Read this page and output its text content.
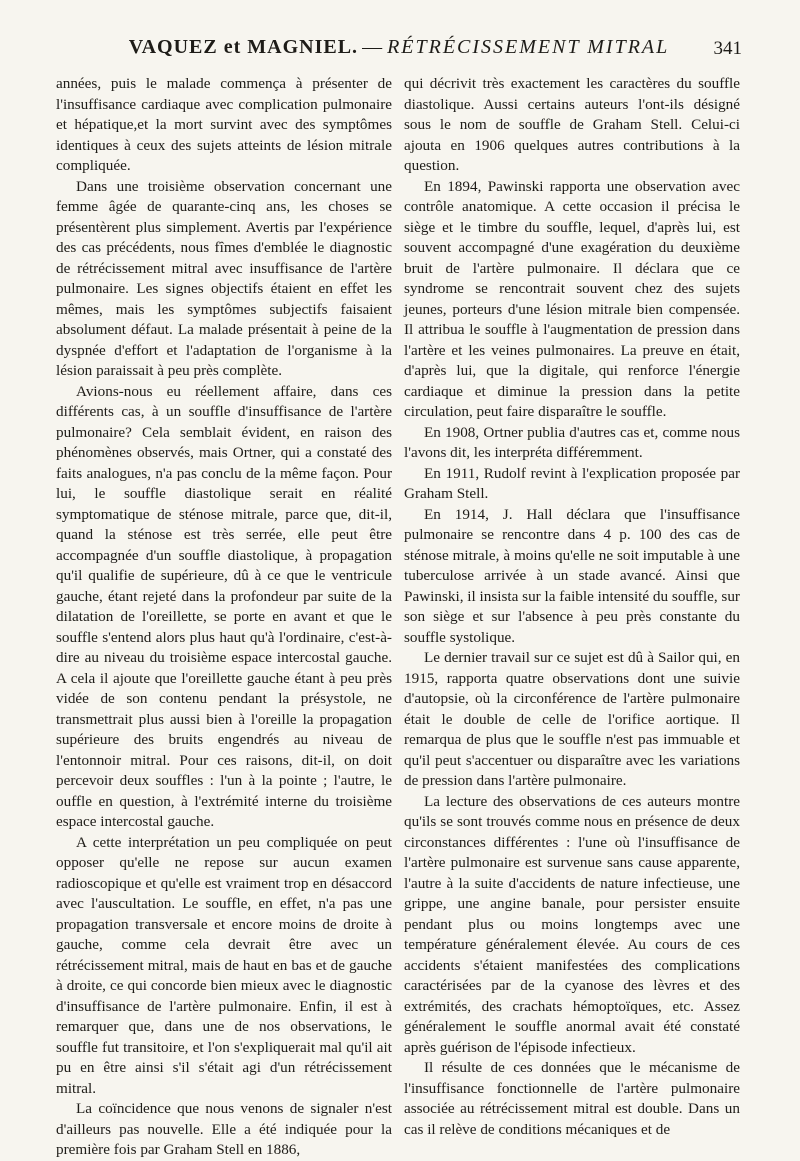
VAQUEZ et MAGNIEL. — RÉTRÉCISSEMENT MITRAL	341

années, puis le malade commença à présenter de l'insuffisance cardiaque avec complication pulmonaire et hépatique,et la mort survint avec des symptômes identiques à ceux des sujets atteints de lésion mitrale compliquée.

Dans une troisième observation concernant une femme âgée de quarante-cinq ans, les choses se présentèrent plus simplement. Avertis par l'expérience des cas précédents, nous fîmes d'emblée le diagnostic de rétrécissement mitral avec insuffisance de l'artère pulmonaire. Les signes objectifs étaient en effet les mêmes, mais les symptômes subjectifs faisaient absolument défaut. La malade présentait à peine de la dyspnée d'effort et l'adaptation de l'organisme à la lésion paraissait à peu près complète.

Avions-nous eu réellement affaire, dans ces différents cas, à un souffle d'insuffisance de l'artère pulmonaire? Cela semblait évident, en raison des phénomènes observés, mais Ortner, qui a constaté des faits analogues, n'a pas conclu de la même façon. Pour lui, le souffle diastolique serait en réalité symptomatique de sténose mitrale, parce que, dit-il, quand la sténose est très serrée, elle peut être accompagnée d'un souffle diastolique, à propagation qu'il qualifie de supérieure, dû à ce que le ventricule gauche, étant rejeté dans la profondeur par suite de la dilatation de l'oreillette, se porte en avant et que le souffle s'entend alors plus haut qu'à l'ordinaire, c'est-à-dire au niveau du troisième espace intercostal gauche. A cela il ajoute que l'oreillette gauche étant à peu près vidée de son contenu pendant la présystole, ne transmettrait plus aussi bien à l'oreille la propagation supérieure des bruits engendrés au niveau de l'entonnoir mitral. Pour ces raisons, dit-il, on doit percevoir deux souffles : l'un à la pointe ; l'autre, le ouffle en question, à l'extrémité interne du troisième espace intercostal gauche.

A cette interprétation un peu compliquée on peut opposer qu'elle ne repose sur aucun examen radioscopique et qu'elle est vraiment trop en désaccord avec l'auscultation. Le souffle, en effet, n'a pas une propagation transversale et encore moins de droite à gauche, comme cela devrait être avec un rétrécissement mitral, mais de haut en bas et de gauche à droite, ce qui concorde bien mieux avec le diagnostic d'insuffisance de l'artère pulmonaire. Enfin, il est à remarquer que, dans une de nos observations, le souffle fut transitoire, et l'on s'expliquerait mal qu'il ait pu en être ainsi s'il s'était agi d'un rétrécissement mitral.

La coïncidence que nous venons de signaler n'est d'ailleurs pas nouvelle. Elle a été indiquée pour la première fois par Graham Stell en 1886,

qui décrivit très exactement les caractères du souffle diastolique. Aussi certains auteurs l'ont-ils désigné sous le nom de souffle de Graham Stell. Celui-ci ajouta en 1906 quelques autres contributions à la question.

En 1894, Pawinski rapporta une observation avec contrôle anatomique. A cette occasion il précisa le siège et le timbre du souffle, lequel, d'après lui, est souvent accompagné d'une exagération du deuxième bruit de l'artère pulmonaire. Il déclara que ce syndrome se rencontrait souvent chez des sujets jeunes, porteurs d'une lésion mitrale bien compensée. Il attribua le souffle à l'augmentation de pression dans l'artère et les veines pulmonaires. La preuve en était, d'après lui, que la digitale, qui renforce l'énergie cardiaque et diminue la pression dans la petite circulation, peut faire disparaître le souffle.

En 1908, Ortner publia d'autres cas et, comme nous l'avons dit, les interpréta différemment.

En 1911, Rudolf revint à l'explication proposée par Graham Stell.

En 1914, J. Hall déclara que l'insuffisance pulmonaire se rencontre dans 4 p. 100 des cas de sténose mitrale, à moins qu'elle ne soit imputable à une tuberculose arrivée à un stade avancé. Ainsi que Pawinski, il insista sur la faible intensité du souffle, sur son siège et sur l'absence à peu près constante du souffle systolique.

Le dernier travail sur ce sujet est dû à Sailor qui, en 1915, rapporta quatre observations dont une suivie d'autopsie, où la circonférence de l'artère pulmonaire était le double de celle de l'orifice aortique. Il remarqua de plus que le souffle n'est pas immuable et qu'il peut s'accentuer ou disparaître avec les variations de pression dans l'artère pulmonaire.

La lecture des observations de ces auteurs montre qu'ils se sont trouvés comme nous en présence de deux circonstances différentes : l'une où l'insuffisance de l'artère pulmonaire est survenue sans cause apparente, l'autre à la suite d'accidents de nature infectieuse, une grippe, une angine banale, pour persister ensuite pendant plus ou moins longtemps avec une température généralement élevée. Au cours de ces accidents s'étaient manifestées des complications caractérisées par de la cyanose des lèvres et des extrémités, des crachats hémoptoïques, etc. Assez généralement le souffle anormal avait été constaté après guérison de l'épisode infectieux.

Il résulte de ces données que le mécanisme de l'insuffisance fonctionnelle de l'artère pulmonaire associée au rétrécissement mitral est double. Dans un cas il relève de conditions mécaniques et de
